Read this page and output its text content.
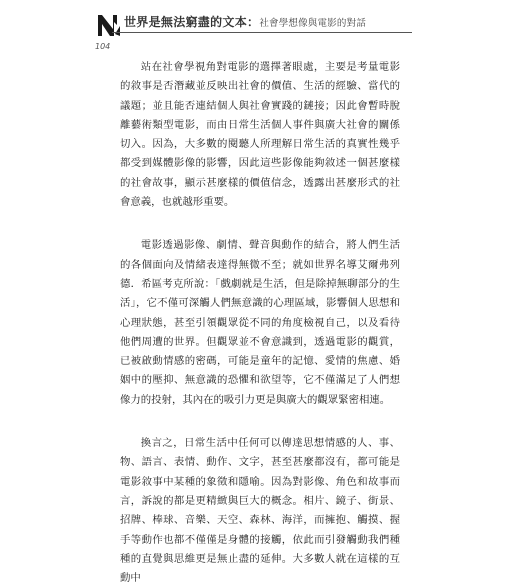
世界是無法窮盡的文本：社會學想像與電影的對話
104

站在社會學視角對電影的選擇著眼處，主要是考量電影的敘事是否潛藏並反映出社會的價值、生活的經驗、當代的議題；並且能否連結個人與社會實踐的鏈接；因此會暫時脫離藝術類型電影，而由日常生活個人事件與廣大社會的關係切入。因為，大多數的閱聽人所理解日常生活的真實性幾乎都受到媒體影像的影響，因此這些影像能夠敘述一個甚麼樣的社會故事，顯示甚麼樣的價值信念，透露出甚麼形式的社會意義，也就越形重要。

電影透過影像、劇情、聲音與動作的結合，將人們生活的各個面向及情緒表達得無微不至；就如世界名導艾爾弗列德．希區考克所說：「戲劇就是生活，但是除掉無聊部分的生活」，它不僅可深觸人們無意識的心理區域，影響個人思想和心理狀態，甚至引領觀眾從不同的角度檢視自己，以及看待他們周遭的世界。但觀眾並不會意識到，透過電影的觀賞，已被啟動情感的密碼，可能是童年的記憶、愛情的焦慮、婚姻中的壓抑、無意識的恐懼和欲望等，它不僅滿足了人們想像力的投射，其內在的吸引力更是與廣大的觀眾緊密相連。

換言之，日常生活中任何可以傳達思想情感的人、事、物、語言、表情、動作、文字，甚至甚麼都沒有，都可能是電影敘事中某種的象徵和隱喻。因為對影像、角色和故事而言，訴說的都是更精緻與巨大的概念。相片、鏡子、街景、招牌、棒球、音樂、天空、森林、海洋，而擁抱、觸摸、握手等動作也都不僅僅是身體的接觸，依此而引發觸動我們種種的直覺與思維更是無止盡的延伸。大多數人就在這樣的互動中
